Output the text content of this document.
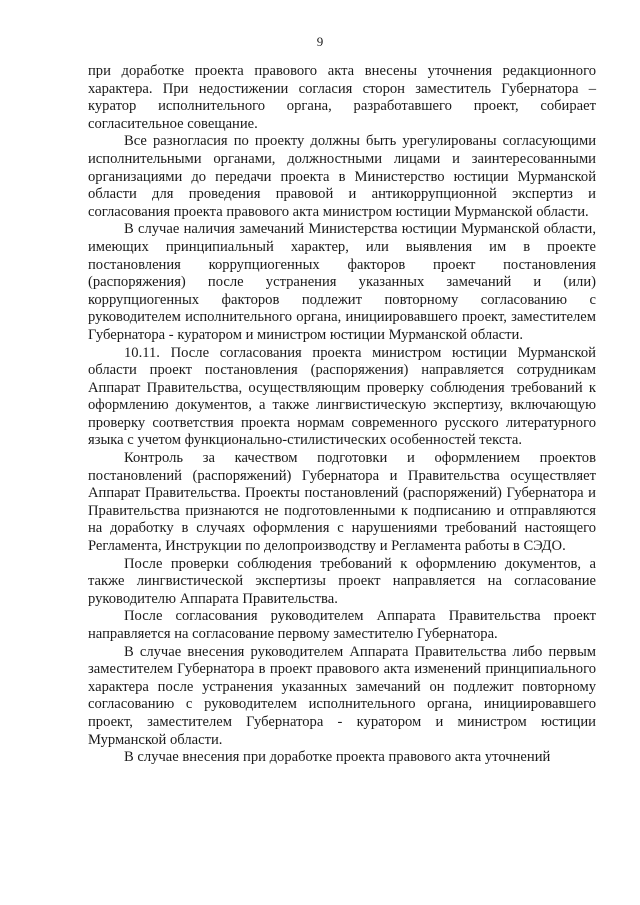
9

при доработке проекта правового акта внесены уточнения редакционного характера. При недостижении согласия сторон заместитель Губернатора – куратор исполнительного органа, разработавшего проект, собирает согласительное совещание.

Все разногласия по проекту должны быть урегулированы согласующими исполнительными органами, должностными лицами и заинтересованными организациями до передачи проекта в Министерство юстиции Мурманской области для проведения правовой и антикоррупционной экспертиз и согласования проекта правового акта министром юстиции Мурманской области.

В случае наличия замечаний Министерства юстиции Мурманской области, имеющих принципиальный характер, или выявления им в проекте постановления коррупциогенных факторов проект постановления (распоряжения) после устранения указанных замечаний и (или) коррупциогенных факторов подлежит повторному согласованию с руководителем исполнительного органа, инициировавшего проект, заместителем Губернатора - куратором и министром юстиции Мурманской области.

10.11. После согласования проекта министром юстиции Мурманской области проект постановления (распоряжения) направляется сотрудникам Аппарат Правительства, осуществляющим проверку соблюдения требований к оформлению документов, а также лингвистическую экспертизу, включающую проверку соответствия проекта нормам современного русского литературного языка с учетом функционально-стилистических особенностей текста.

Контроль за качеством подготовки и оформлением проектов постановлений (распоряжений) Губернатора и Правительства осуществляет Аппарат Правительства. Проекты постановлений (распоряжений) Губернатора и Правительства признаются не подготовленными к подписанию и отправляются на доработку в случаях оформления с нарушениями требований настоящего Регламента, Инструкции по делопроизводству и Регламента работы в СЭДО.

После проверки соблюдения требований к оформлению документов, а также лингвистической экспертизы проект направляется на согласование руководителю Аппарата Правительства.

После согласования руководителем Аппарата Правительства проект направляется на согласование первому заместителю Губернатора.

В случае внесения руководителем Аппарата Правительства либо первым заместителем Губернатора в проект правового акта изменений принципиального характера после устранения указанных замечаний он подлежит повторному согласованию с руководителем исполнительного органа, инициировавшего проект, заместителем Губернатора - куратором и министром юстиции Мурманской области.

В случае внесения при доработке проекта правового акта уточнений
